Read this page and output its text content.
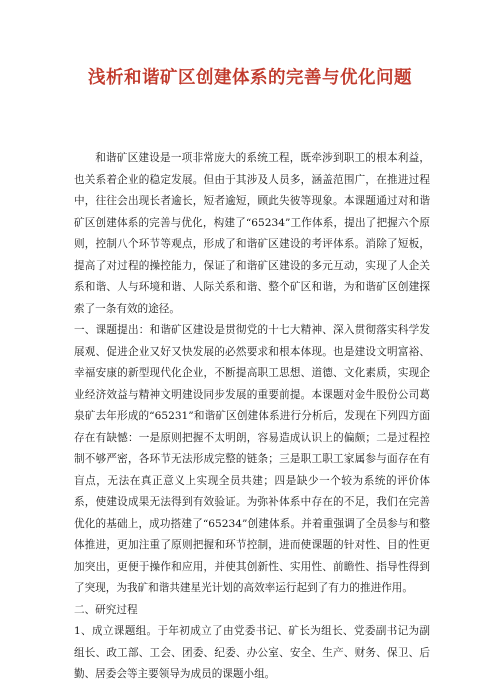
浅析和谐矿区创建体系的完善与优化问题

和谐矿区建设是一项非常庞大的系统工程，既牵涉到职工的根本利益，也关系着企业的稳定发展。但由于其涉及人员多，涵盖范围广，在推进过程中，往往会出现长者逾长，短者逾短，顾此失彼等现象。本课题通过对和谐矿区创建体系的完善与优化，构建了“65234”工作体系，提出了把握六个原则，控制八个环节等观点，形成了和谐矿区建设的考评体系。消除了短板，提高了对过程的操控能力，保证了和谐矿区建设的多元互动，实现了人企关系和谐、人与环境和谐、人际关系和谐、整个矿区和谐，为和谐矿区创建探索了一条有效的途径。

一、课题提出：和谐矿区建设是贯彻党的十七大精神、深入贯彻落实科学发展观、促进企业又好又快发展的必然要求和根本体现。也是建设文明富裕、幸福安康的新型现代化企业，不断提高职工思想、道德、文化素质，实现企业经济效益与精神文明建设同步发展的重要前提。本课题对金牛股份公司葛泉矿去年形成的“65231”和谐矿区创建体系进行分析后，发现在下列四方面存在有缺憾：一是原则把握不太明朗，容易造成认识上的偏颇；二是过程控制不够严密，各环节无法形成完整的链条；三是职工职工家属参与面存在有盲点，无法在真正意义上实现全员共建；四是缺少一个较为系统的评价体系，使建设成果无法得到有效验证。为弥补体系中存在的不足，我们在完善优化的基础上，成功搭建了“65234”创建体系。并着重强调了全员参与和整体推进，更加注重了原则把握和环节控制，进而使课题的针对性、目的性更加突出，更便于操作和应用，并使其创新性、实用性、前瞻性、指导性得到了突现，为我矿和谐共建星光计划的高效率运行起到了有力的推进作用。

二、研究过程

1、成立课题组。于年初成立了由党委书记、矿长为组长、党委副书记为副组长、政工部、工会、团委、纪委、办公室、安全、生产、财务、保卫、后勤、居委会等主要领导为成员的课题小组。
